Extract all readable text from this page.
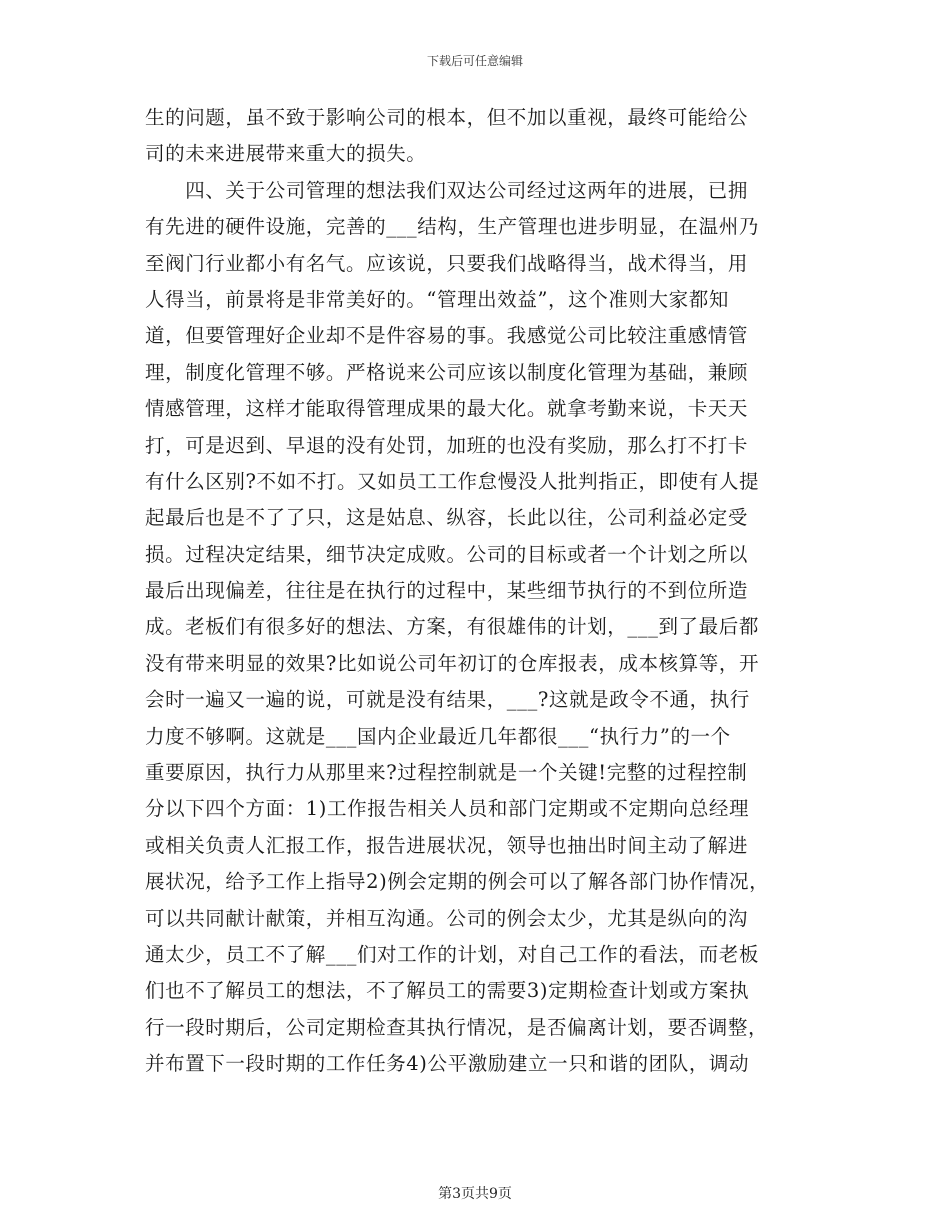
下载后可任意编辑
生的问题，虽不致于影响公司的根本，但不加以重视，最终可能给公
司的未来进展带来重大的损失。
　　四、关于公司管理的想法我们双达公司经过这两年的进展，已拥
有先进的硬件设施，完善的___结构，生产管理也进步明显，在温州乃
至阀门行业都小有名气。应该说，只要我们战略得当，战术得当，用
人得当，前景将是非常美好的。“管理出效益”，这个准则大家都知
道，但要管理好企业却不是件容易的事。我感觉公司比较注重感情管
理，制度化管理不够。严格说来公司应该以制度化管理为基础，兼顾
情感管理，这样才能取得管理成果的最大化。就拿考勤来说，卡天天
打，可是迟到、早退的没有处罚，加班的也没有奖励，那么打不打卡
有什么区别?不如不打。又如员工工作怠慢没人批判指正，即使有人提
起最后也是不了了只，这是姑息、纵容，长此以往，公司利益必定受
损。过程决定结果，细节决定成败。公司的目标或者一个计划之所以
最后出现偏差，往往是在执行的过程中，某些细节执行的不到位所造
成。老板们有很多好的想法、方案，有很雄伟的计划，___到了最后都
没有带来明显的效果?比如说公司年初订的仓库报表，成本核算等，开
会时一遍又一遍的说，可就是没有结果，___?这就是政令不通，执行
力度不够啊。这就是___国内企业最近几年都很___“执行力”的一个
重要原因，执行力从那里来?过程控制就是一个关键!完整的过程控制
分以下四个方面：1)工作报告相关人员和部门定期或不定期向总经理
或相关负责人汇报工作，报告进展状况，领导也抽出时间主动了解进
展状况，给予工作上指导2)例会定期的例会可以了解各部门协作情况，
可以共同献计献策，并相互沟通。公司的例会太少，尤其是纵向的沟
通太少，员工不了解___们对工作的计划，对自己工作的看法，而老板
们也不了解员工的想法，不了解员工的需要3)定期检查计划或方案执
行一段时期后，公司定期检查其执行情况，是否偏离计划，要否调整，
并布置下一段时期的工作任务4)公平激励建立一只和谐的团队，调动
第3页共9页
